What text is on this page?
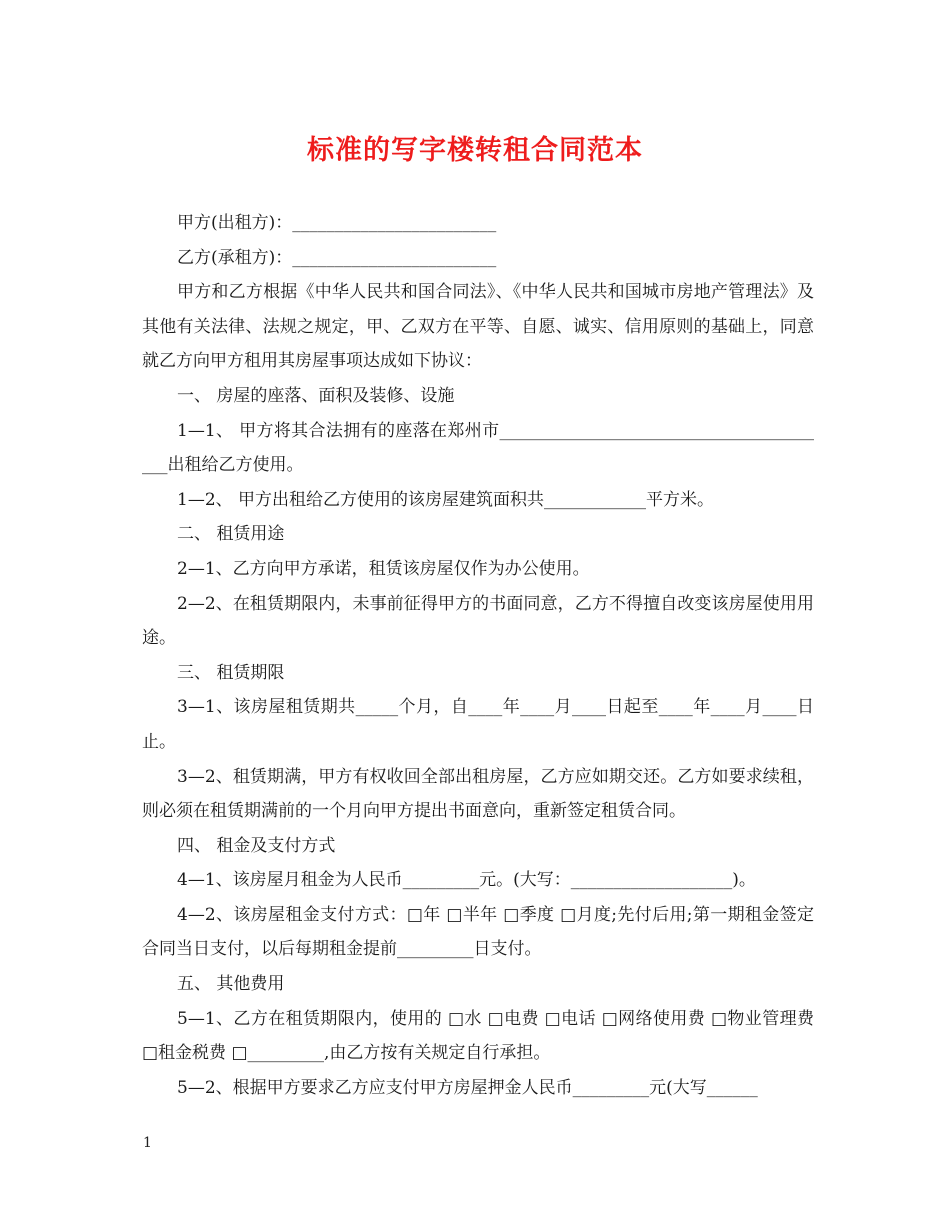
标准的写字楼转租合同范本

甲方(出租方)：________________________

乙方(承租方)：________________________

甲方和乙方根据《中华人民共和国合同法》、《中华人民共和国城市房地产管理法》及其他有关法律、法规之规定，甲、乙双方在平等、自愿、诚实、信用原则的基础上，同意就乙方向甲方租用其房屋事项达成如下协议：

一、 房屋的座落、面积及装修、设施

1—1、 甲方将其合法拥有的座落在郑州市________________________________________出租给乙方使用。

1—2、 甲方出租给乙方使用的该房屋建筑面积共____________平方米。

二、 租赁用途

2—1、乙方向甲方承诺，租赁该房屋仅作为办公使用。

2—2、在租赁期限内，未事前征得甲方的书面同意，乙方不得擅自改变该房屋使用用途。

三、 租赁期限

3—1、该房屋租赁期共_____个月，自____年____月____日起至____年____月____日止。

3—2、租赁期满，甲方有权收回全部出租房屋，乙方应如期交还。乙方如要求续租，则必须在租赁期满前的一个月向甲方提出书面意向，重新签定租赁合同。

四、 租金及支付方式

4—1、该房屋月租金为人民币_________元。(大写：___________________)。

4—2、该房屋租金支付方式：□年 □半年 □季度 □月度;先付后用;第一期租金签定合同当日支付，以后每期租金提前_________日支付。

五、 其他费用

5—1、乙方在租赁期限内，使用的 □水 □电费 □电话 □网络使用费 □物业管理费 □租金税费 □_________,由乙方按有关规定自行承担。

5—2、根据甲方要求乙方应支付甲方房屋押金人民币_________元(大写______

1
